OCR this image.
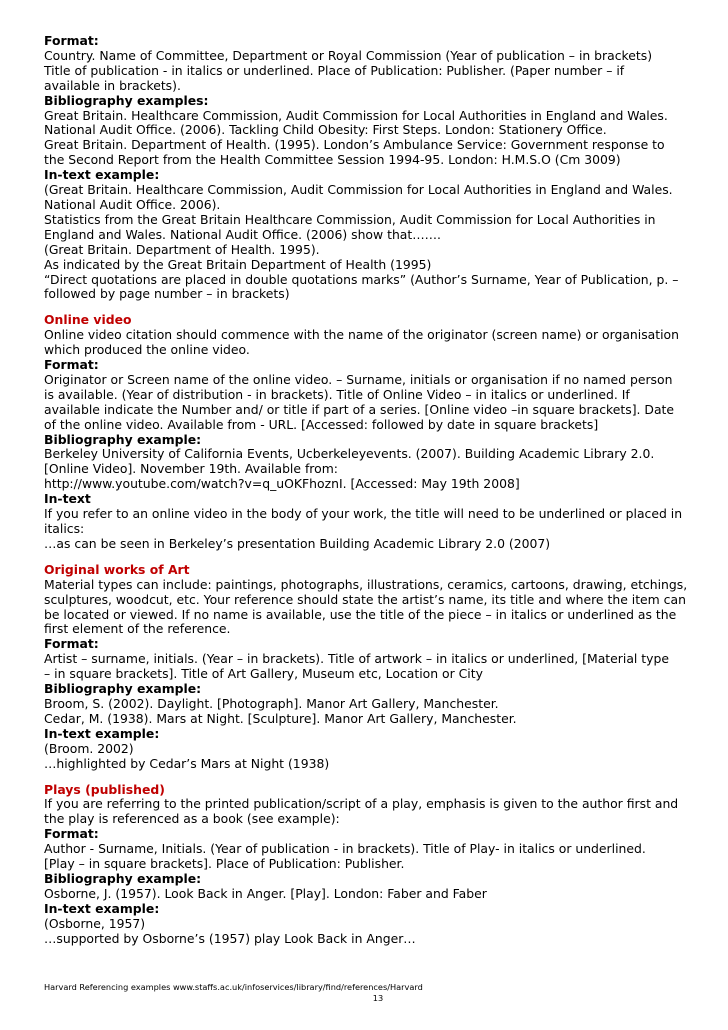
Format:
Country. Name of Committee, Department or Royal Commission (Year of publication – in brackets)
Title of publication - in italics or underlined. Place of Publication: Publisher. (Paper number – if
available in brackets).
Bibliography examples:
Great Britain. Healthcare Commission, Audit Commission for Local Authorities in England and Wales.
National Audit Office. (2006). Tackling Child Obesity: First Steps. London: Stationery Office.
Great Britain. Department of Health. (1995). London’s Ambulance Service: Government response to
the Second Report from the Health Committee Session 1994-95. London: H.M.S.O (Cm 3009)
In-text example:
(Great Britain. Healthcare Commission, Audit Commission for Local Authorities in England and Wales.
National Audit Office. 2006).
Statistics from the Great Britain Healthcare Commission, Audit Commission for Local Authorities in
England and Wales. National Audit Office. (2006) show that…….
(Great Britain. Department of Health. 1995).
As indicated by the Great Britain Department of Health (1995)
“Direct quotations are placed in double quotations marks” (Author’s Surname, Year of Publication, p. –
followed by page number – in brackets)
Online video
Online video citation should commence with the name of the originator (screen name) or organisation
which produced the online video.
Format:
Originator or Screen name of the online video. – Surname, initials or organisation if no named person
is available. (Year of distribution - in brackets). Title of Online Video – in italics or underlined. If
available indicate the Number and/ or title if part of a series. [Online video –in square brackets]. Date
of the online video. Available from - URL. [Accessed: followed by date in square brackets]
Bibliography example:
Berkeley University of California Events, Ucberkeleyevents. (2007). Building Academic Library 2.0.
[Online Video]. November 19th. Available from:
http://www.youtube.com/watch?v=q_uOKFhoznI. [Accessed: May 19th 2008]
In-text
If you refer to an online video in the body of your work, the title will need to be underlined or placed in
italics:
…as can be seen in Berkeley’s presentation Building Academic Library 2.0 (2007)
Original works of Art
Material types can include: paintings, photographs, illustrations, ceramics, cartoons, drawing, etchings,
sculptures, woodcut, etc. Your reference should state the artist’s name, its title and where the item can
be located or viewed. If no name is available, use the title of the piece – in italics or underlined as the
first element of the reference.
Format:
Artist – surname, initials. (Year – in brackets). Title of artwork – in italics or underlined, [Material type
– in square brackets]. Title of Art Gallery, Museum etc, Location or City
Bibliography example:
Broom, S. (2002). Daylight. [Photograph]. Manor Art Gallery, Manchester.
Cedar, M. (1938). Mars at Night. [Sculpture]. Manor Art Gallery, Manchester.
In-text example:
(Broom. 2002)
…highlighted by Cedar’s Mars at Night (1938)
Plays (published)
If you are referring to the printed publication/script of a play, emphasis is given to the author first and
the play is referenced as a book (see example):
Format:
Author - Surname, Initials. (Year of publication - in brackets). Title of Play- in italics or underlined.
[Play – in square brackets]. Place of Publication: Publisher.
Bibliography example:
Osborne, J. (1957). Look Back in Anger. [Play]. London: Faber and Faber
In-text example:
(Osborne, 1957)
…supported by Osborne’s (1957) play Look Back in Anger…
Harvard Referencing examples www.staffs.ac.uk/infoservices/library/find/references/Harvard
13
